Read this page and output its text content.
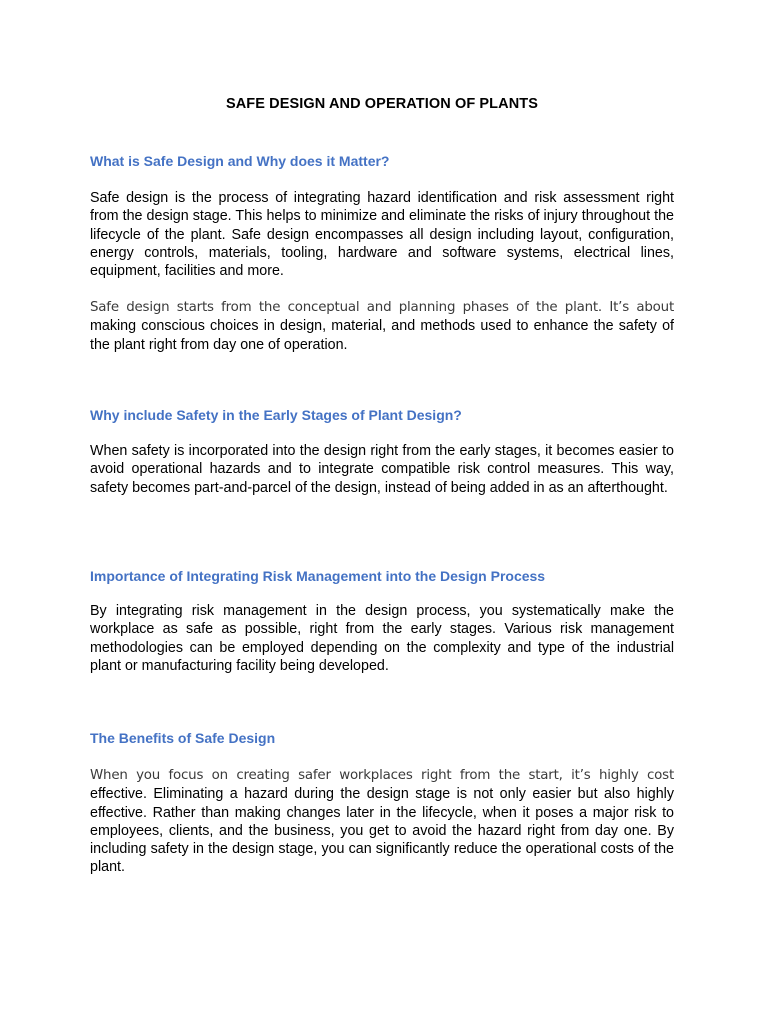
SAFE DESIGN AND OPERATION OF PLANTS
What is Safe Design and Why does it Matter?

Safe design is the process of integrating hazard identification and risk assessment right from the design stage. This helps to minimize and eliminate the risks of injury throughout the lifecycle of the plant. Safe design encompasses all design including layout, configuration, energy controls, materials, tooling, hardware and software systems, electrical lines, equipment, facilities and more.

Safe design starts from the conceptual and planning phases of the plant. It’s about making conscious choices in design, material, and methods used to enhance the safety of the plant right from day one of operation.

Why include Safety in the Early Stages of Plant Design?

When safety is incorporated into the design right from the early stages, it becomes easier to avoid operational hazards and to integrate compatible risk control measures. This way, safety becomes part-and-parcel of the design, instead of being added in as an afterthought.

Importance of Integrating Risk Management into the Design Process

By integrating risk management in the design process, you systematically make the workplace as safe as possible, right from the early stages. Various risk management methodologies can be employed depending on the complexity and type of the industrial plant or manufacturing facility being developed.

The Benefits of Safe Design

When you focus on creating safer workplaces right from the start, it’s highly cost effective. Eliminating a hazard during the design stage is not only easier but also highly effective. Rather than making changes later in the lifecycle, when it poses a major risk to employees, clients, and the business, you get to avoid the hazard right from day one. By including safety in the design stage, you can significantly reduce the operational costs of the plant.
